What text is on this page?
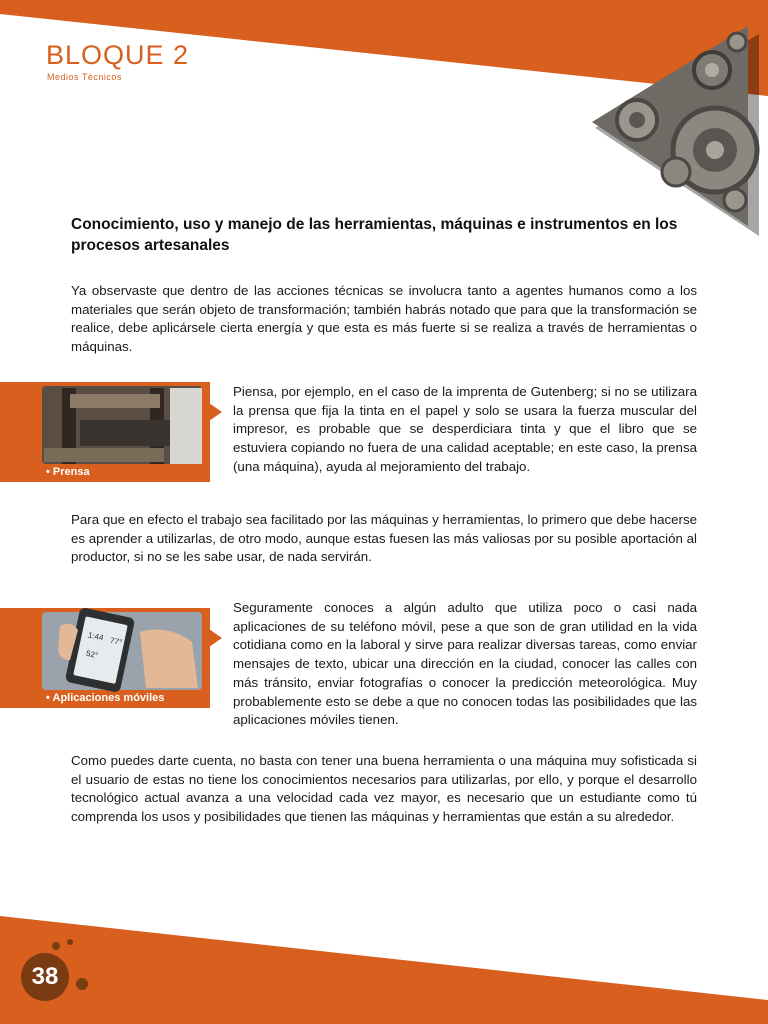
BLOQUE 2
Medios Técnicos
Conocimiento, uso y manejo de las herramientas, máquinas e instrumentos en los procesos artesanales
Ya observaste que dentro de las acciones técnicas se involucra tanto a agentes humanos como a los materiales que serán objeto de transformación; también habrás notado que para que la transformación se realice, debe aplicársele cierta energía y que esta es más fuerte si se realiza a través de herramientas o máquinas.
Piensa, por ejemplo, en el caso de la imprenta de Gutenberg; si no se utilizara la prensa que fija la tinta en el papel y solo se usara la fuerza muscular del impresor, es probable que se desperdiciara tinta y que el libro que se estuviera copiando no fuera de una calidad aceptable; en este caso, la prensa (una máquina), ayuda al mejoramiento del trabajo.
Para que en efecto el trabajo sea facilitado por las máquinas y herramientas, lo primero que debe hacerse es aprender a utilizarlas, de otro modo, aunque estas fuesen las más valiosas por su posible aportación al productor, si no se les sabe usar, de nada servirán.
Seguramente conoces a algún adulto que utiliza poco o casi nada aplicaciones de su teléfono móvil, pese a que son de gran utilidad en la vida cotidiana como en la laboral y sirve para realizar diversas tareas, como enviar mensajes de texto, ubicar una dirección en la ciudad, conocer las calles con más tránsito, enviar fotografías o conocer la predicción meteorológica. Muy probablemente esto se debe a que no conocen todas las posibilidades que las aplicaciones móviles tienen.
Como puedes darte cuenta, no basta con tener una buena herramienta o una máquina muy sofisticada si el usuario de estas no tiene los conocimientos necesarios para utilizarlas, por ello, y porque el desarrollo tecnológico actual avanza a una velocidad cada vez mayor, es necesario que un estudiante como tú comprenda los usos y posibilidades que tienen las máquinas y herramientas que están a su alrededor.
• Prensa
• Aplicaciones móviles
1:44 77°
52°
38
